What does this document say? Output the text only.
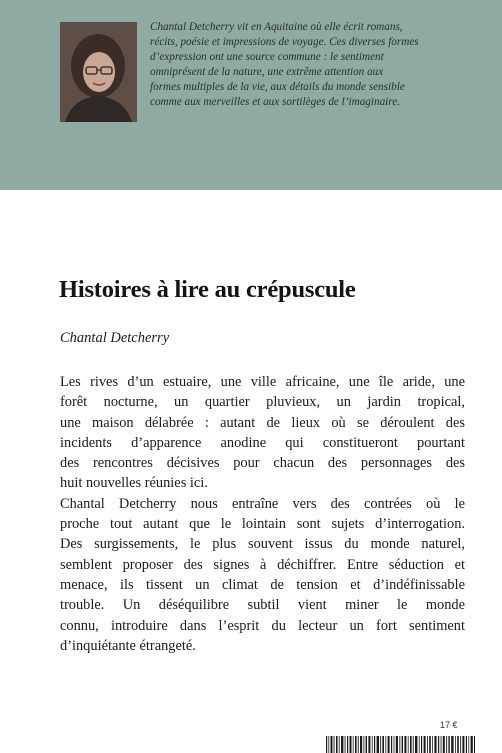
Chantal Detcherry vit en Aquitaine où elle écrit romans,
récits, poésie et impressions de voyage. Ces diverses formes
d’expression ont une source commune : le sentiment
omniprésent de la nature, une extrême attention aux
formes multiples de la vie, aux détails du monde sensible
comme aux merveilles et aux sortilèges de l’imaginaire.
Histoires à lire au crépuscule
Chantal Detcherry
Les rives d’un estuaire, une ville africaine, une île aride, une
forêt nocturne, un quartier pluvieux, un jardin tropical,
une maison délabrée : autant de lieux où se déroulent des
incidents d’apparence anodine qui constitueront pourtant
des rencontres décisives pour chacun des personnages des
huit nouvelles réunies ici.
Chantal Detcherry nous entraîne vers des contrées où le
proche tout autant que le lointain sont sujets d’interrogation.
Des surgissements, le plus souvent issus du monde naturel,
semblent proposer des signes à déchiffrer. Entre séduction et
menace, ils tissent un climat de tension et d’indéfinissable
trouble. Un déséquilibre subtil vient miner le monde
connu, introduire dans l’esprit du lecteur un fort sentiment
d’inquiétante étrangeté.
17 €
